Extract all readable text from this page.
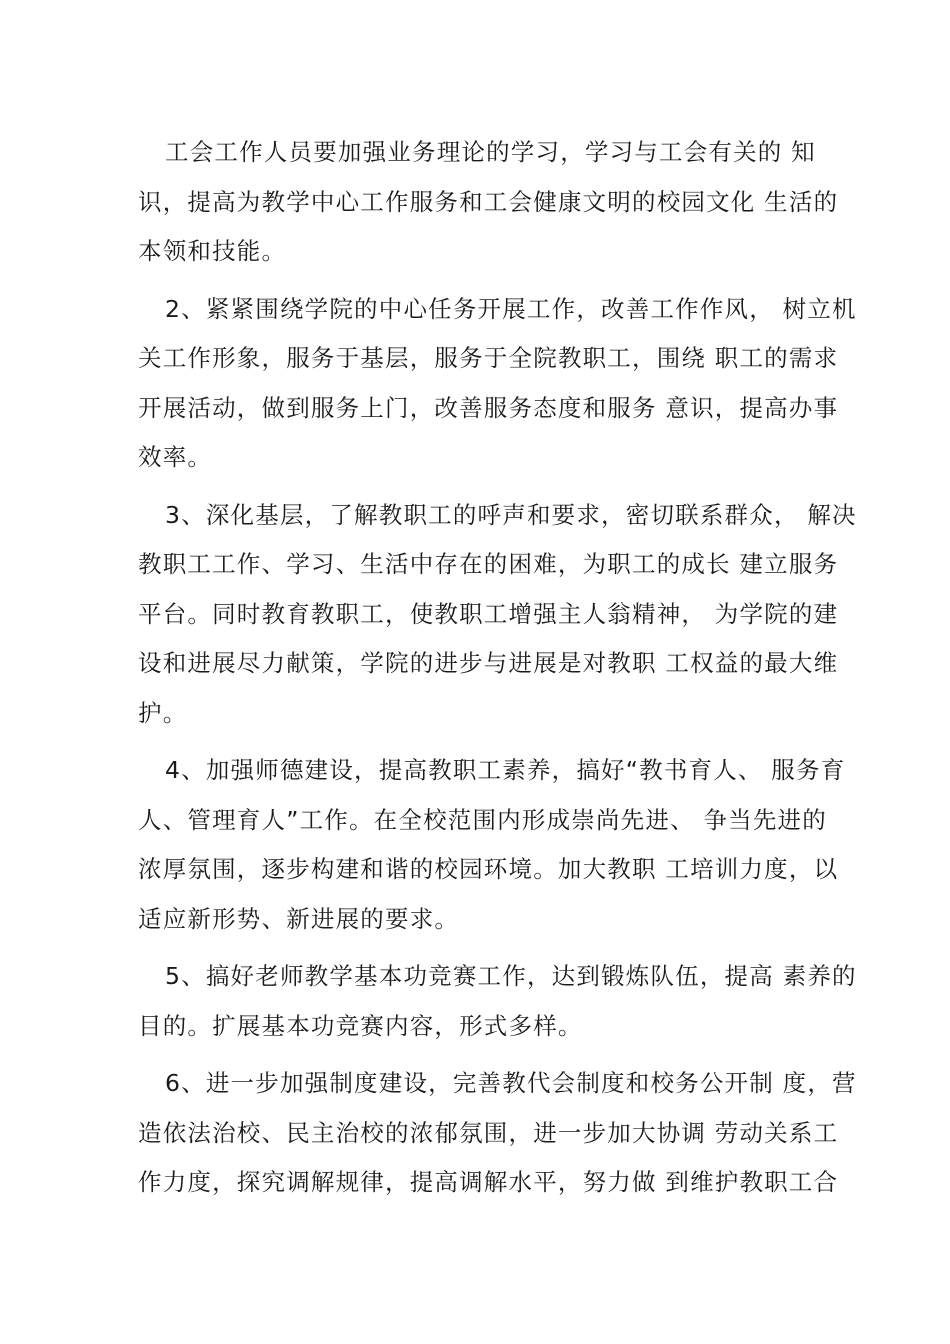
工会工作人员要加强业务理论的学习，学习与工会有关的 知
识，提高为教学中心工作服务和工会健康文明的校园文化 生活的
本领和技能。

2、紧紧围绕学院的中心任务开展工作，改善工作作风， 树立机
关工作形象，服务于基层，服务于全院教职工，围绕 职工的需求
开展活动，做到服务上门，改善服务态度和服务 意识，提高办事
效率。

3、深化基层，了解教职工的呼声和要求，密切联系群众， 解决
教职工工作、学习、生活中存在的困难，为职工的成长 建立服务
平台。同时教育教职工，使教职工增强主人翁精神， 为学院的建
设和进展尽力献策，学院的进步与进展是对教职 工权益的最大维
护。

4、加强师德建设，提高教职工素养，搞好“教书育人、 服务育
人、管理育人”工作。在全校范围内形成崇尚先进、 争当先进的
浓厚氛围，逐步构建和谐的校园环境。加大教职 工培训力度，以
适应新形势、新进展的要求。

5、搞好老师教学基本功竞赛工作，达到锻炼队伍，提高 素养的
目的。扩展基本功竞赛内容，形式多样。

6、进一步加强制度建设，完善教代会制度和校务公开制 度，营
造依法治校、民主治校的浓郁氛围，进一步加大协调 劳动关系工
作力度，探究调解规律，提高调解水平，努力做 到维护教职工合
